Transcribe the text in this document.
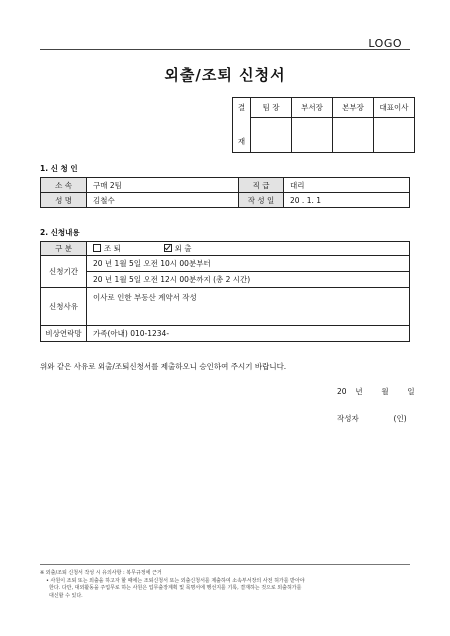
LOGO
외출/조퇴 신청서
결
재	팀 장	부서장	본부장	대표이사

1. 신 청 인
소 속	구매 2팀	직 급	대리
성 명	김철수	작 성 일	20 . 1. 1
2. 신청내용
구 분	조 퇴 외 출
신청기간	20 년 1월 5일 오전 10시 00분부터
	20 년 1월 5일 오전 12시 00분까지 (총 2 시간)
신청사유	이사로 인한 부동산 계약서 작성
비상연락망	가족(아내) 010-1234-
위와 같은 사유로 외출/조퇴신청서를 제출하오니 승인하여 주시기 바랍니다.
20 년	월	일
작성자	(인)
※ 외출/조퇴 신청서 작성 시 유의사항 : 복무규정에 근거
• 사원이 조퇴 또는 외출을 하고자 할 때에는 조퇴신청서 또는 외출신청서를 제출하여 소속부서장의 사전 허가를 받아야
한다. 다만, 대외활동을 주업무로 하는 사원은 업무출장계획 및 목명서에 행선지를 기록, 결재하는 것으로 외출허가를
대신할 수 있다.
